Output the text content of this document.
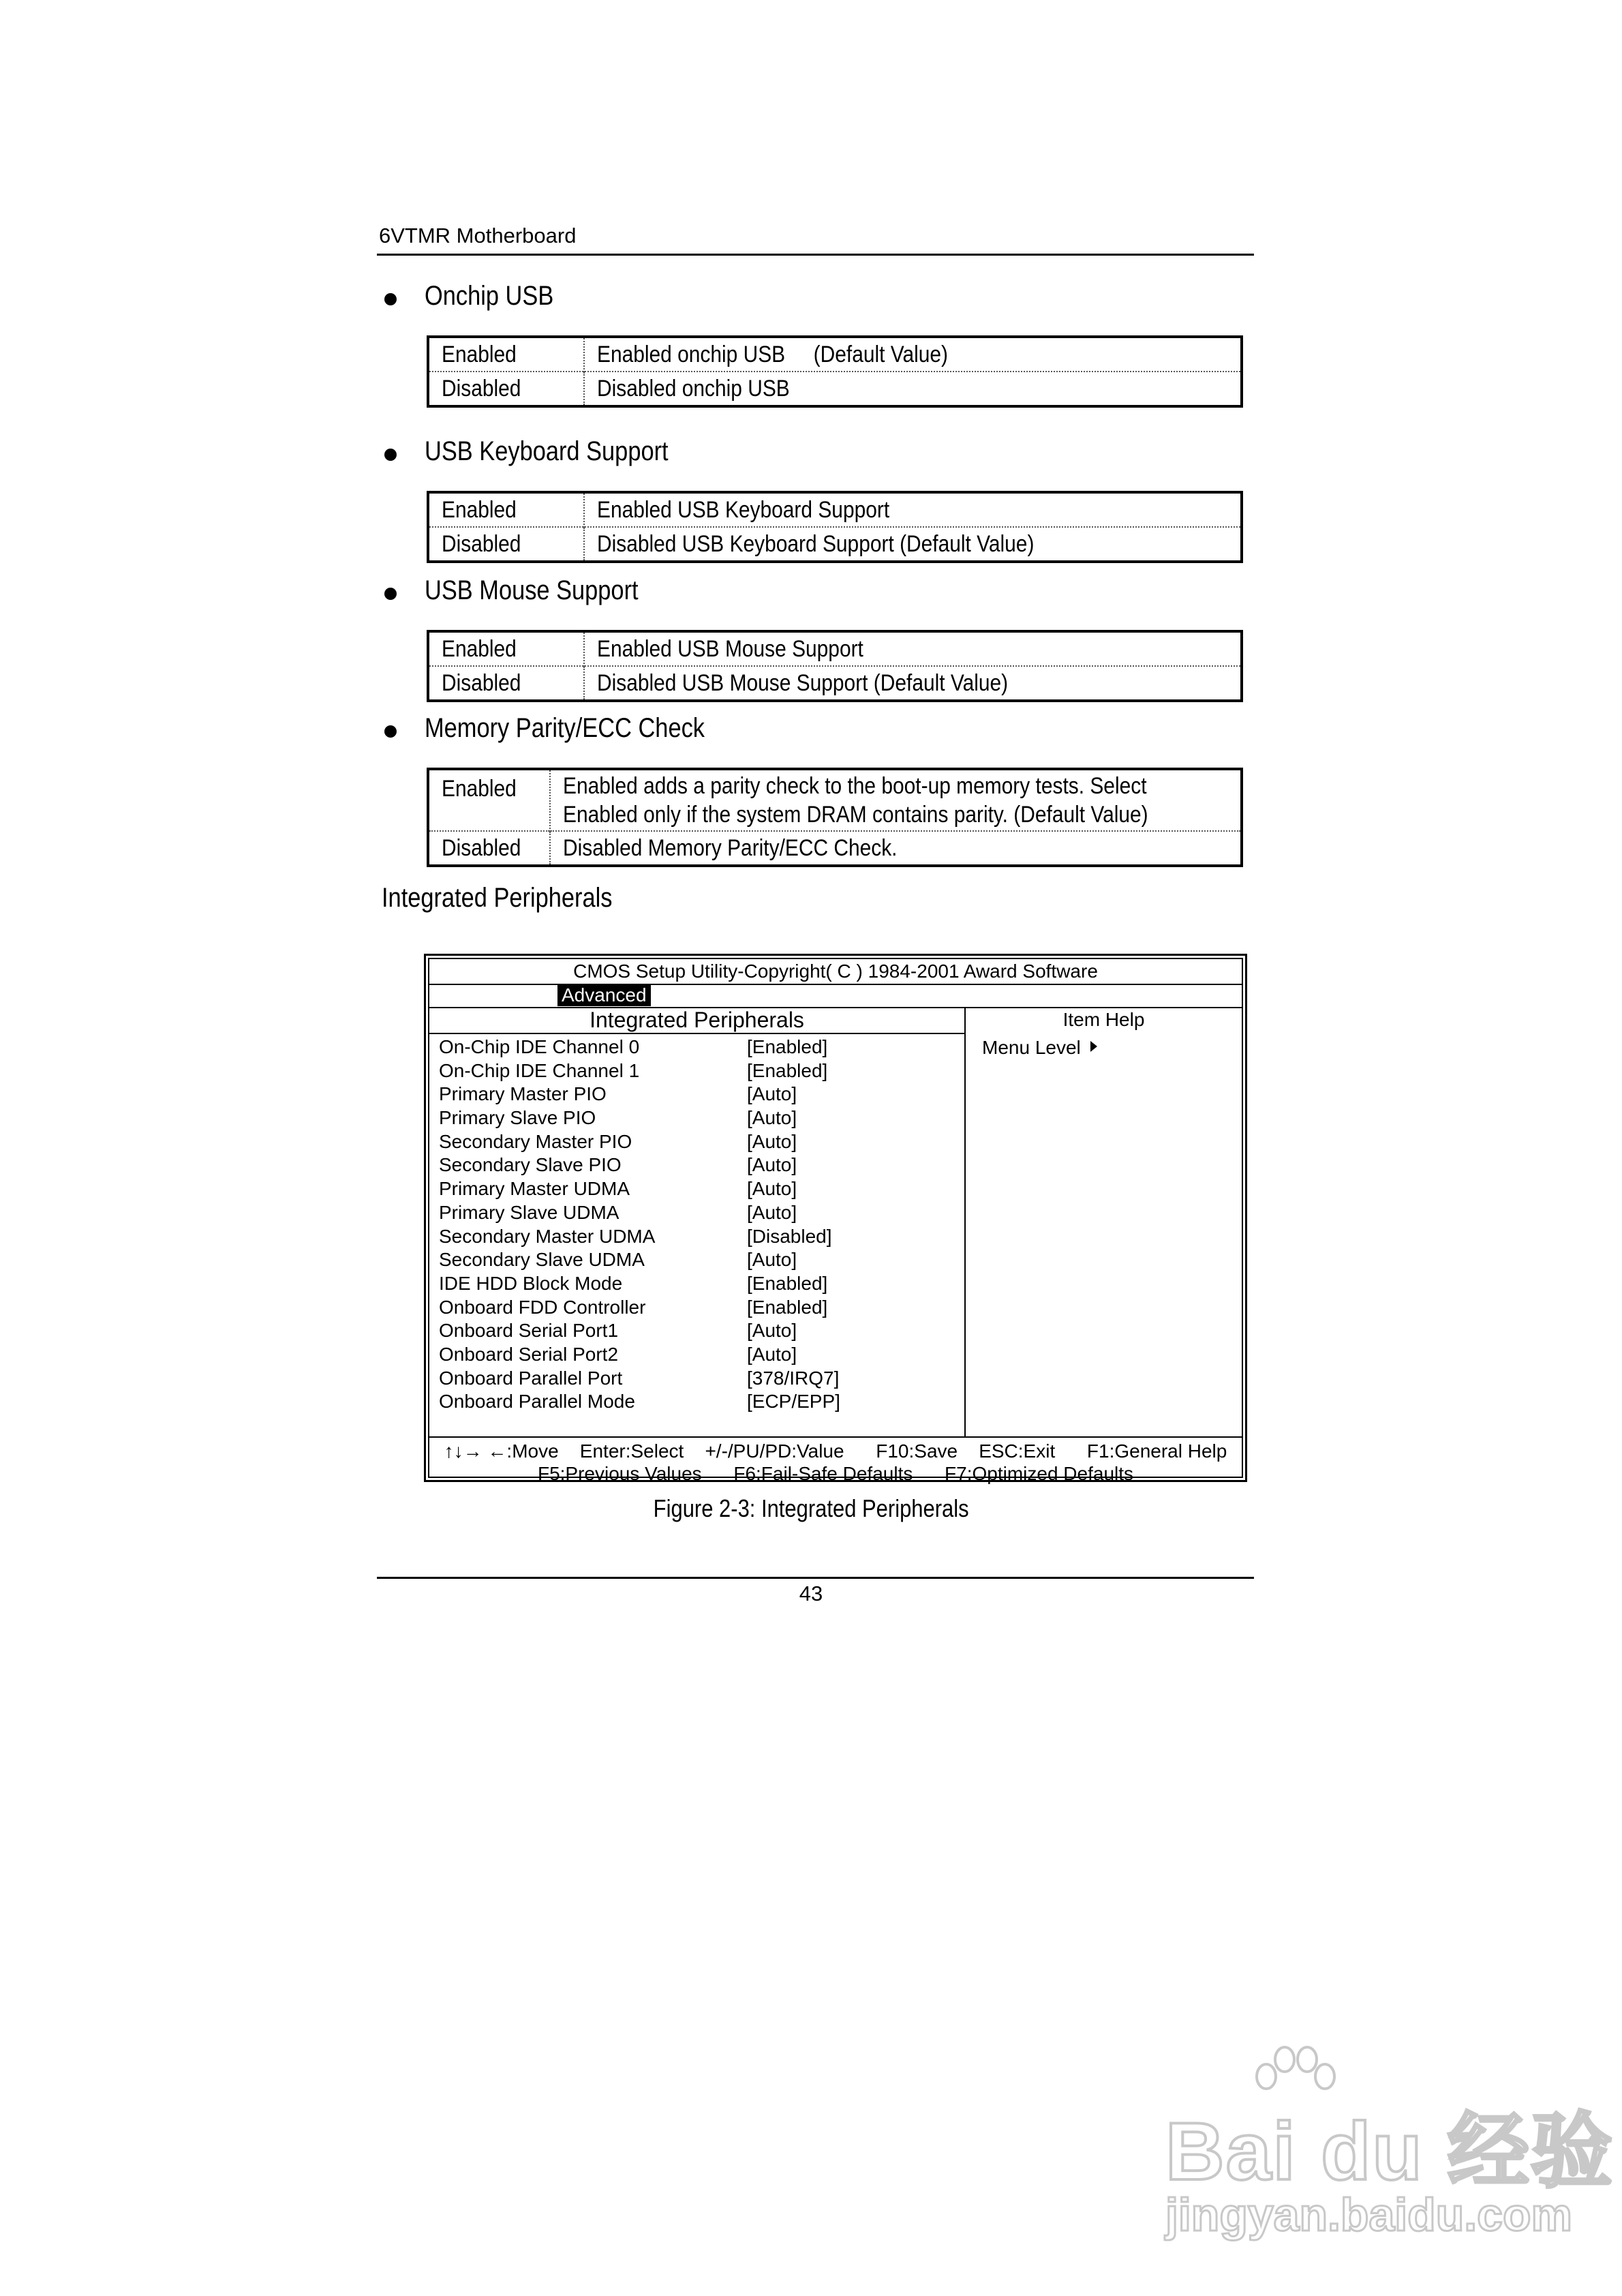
6VTMR Motherboard
Onchip USB
Enabled	Enabled onchip USB     (Default Value)
Disabled	Disabled onchip USB
USB Keyboard Support
Enabled	Enabled USB Keyboard Support
Disabled	Disabled USB Keyboard Support (Default Value)
USB Mouse Support
Enabled	Enabled USB Mouse Support
Disabled	Disabled USB Mouse Support (Default Value)
Memory Parity/ECC Check
Enabled	Enabled adds a parity check to the boot-up memory tests. Select
Enabled only if the system DRAM contains parity. (Default Value)
Disabled	Disabled Memory Parity/ECC Check.
Integrated Peripherals
CMOS Setup Utility-Copyright( C ) 1984-2001 Award Software
Advanced
Integrated Peripherals
On-Chip IDE Channel 0	[Enabled]
On-Chip IDE Channel 1	[Enabled]
Primary Master PIO	[Auto]
Primary Slave PIO	[Auto]
Secondary Master PIO	[Auto]
Secondary Slave PIO	[Auto]
Primary Master UDMA	[Auto]
Primary Slave UDMA	[Auto]
Secondary Master UDMA	[Disabled]
Secondary Slave UDMA	[Auto]
IDE HDD Block Mode	[Enabled]
Onboard FDD Controller	[Enabled]
Onboard Serial Port1	[Auto]
Onboard Serial Port2	[Auto]
Onboard Parallel Port	[378/IRQ7]
Onboard Parallel Mode	[ECP/EPP]
Item Help
Menu Level
↑↓→ ←:Move    Enter:Select    +/-/PU/PD:Value      F10:Save    ESC:Exit      F1:General Help
F5:Previous Values      F6:Fail-Safe Defaults      F7:Optimized Defaults
Figure 2-3: Integrated Peripherals
43
Bai du 经验
jingyan.baidu.com
